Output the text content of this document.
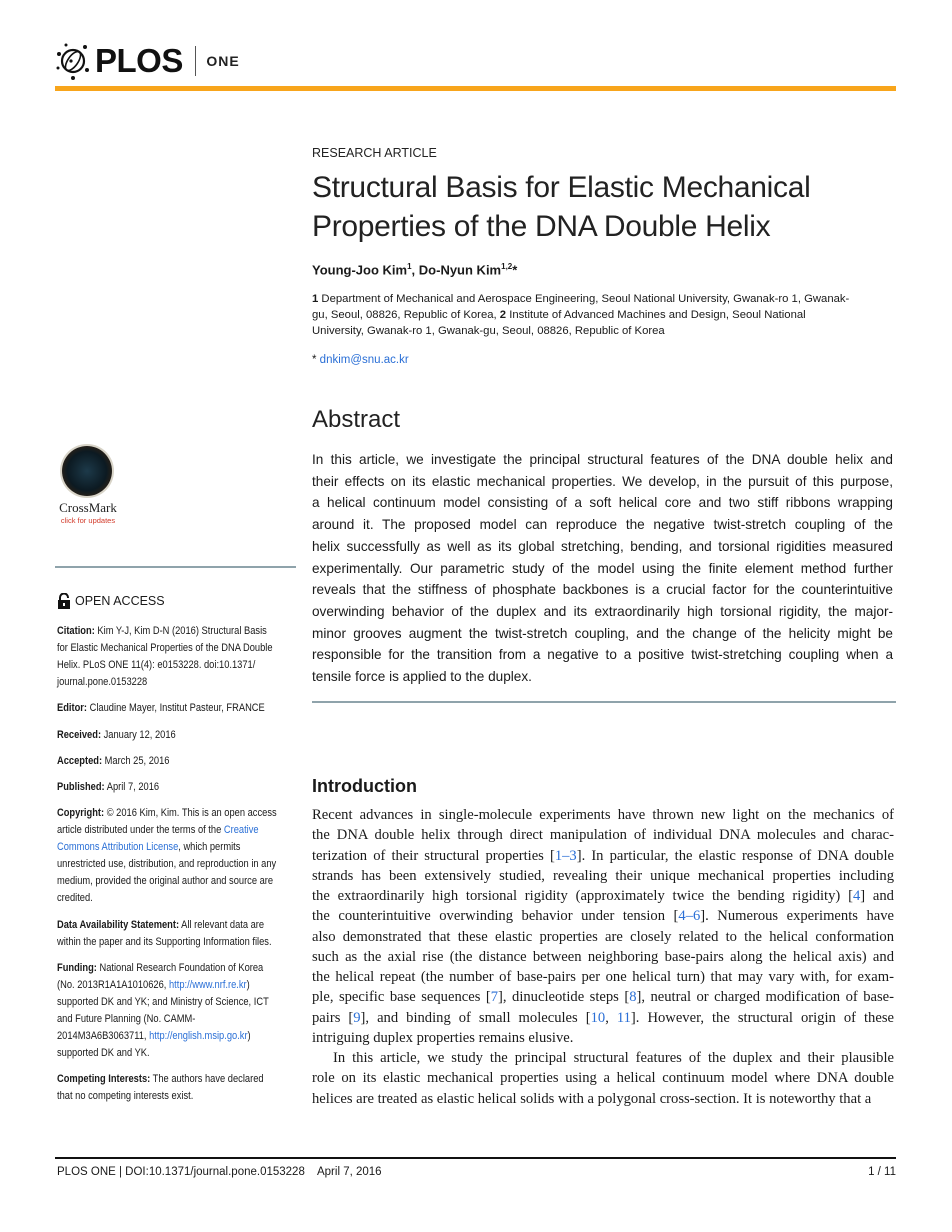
PLOS ONE
RESEARCH ARTICLE
Structural Basis for Elastic Mechanical
Properties of the DNA Double Helix
Young-Joo Kim$^1$, Do-Nyun Kim$^{1,2}$*
1 Department of Mechanical and Aerospace Engineering, Seoul National University, Gwanak-ro 1, Gwanak-
gu, Seoul, 08826, Republic of Korea, 2 Institute of Advanced Machines and Design, Seoul National
University, Gwanak-ro 1, Gwanak-gu, Seoul, 08826, Republic of Korea
* dnkim@snu.ac.kr
Abstract
In this article, we investigate the principal structural features of the DNA double helix and
their effects on its elastic mechanical properties. We develop, in the pursuit of this purpose,
a helical continuum model consisting of a soft helical core and two stiff ribbons wrapping
around it. The proposed model can reproduce the negative twist-stretch coupling of the
helix successfully as well as its global stretching, bending, and torsional rigidities measured
experimentally. Our parametric study of the model using the finite element method further
reveals that the stiffness of phosphate backbones is a crucial factor for the counterintuitive
overwinding behavior of the duplex and its extraordinarily high torsional rigidity, the major-
minor grooves augment the twist-stretch coupling, and the change of the helicity might be
responsible for the transition from a negative to a positive twist-stretching coupling when a
tensile force is applied to the duplex.
Introduction
Recent advances in single-molecule experiments have thrown new light on the mechanics of
the DNA double helix through direct manipulation of individual DNA molecules and charac-
terization of their structural properties [1–3]. In particular, the elastic response of DNA double
strands has been extensively studied, revealing their unique mechanical properties including
the extraordinarily high torsional rigidity (approximately twice the bending rigidity) [4] and
the counterintuitive overwinding behavior under tension [4–6]. Numerous experiments have
also demonstrated that these elastic properties are closely related to the helical conformation
such as the axial rise (the distance between neighboring base-pairs along the helical axis) and
the helical repeat (the number of base-pairs per one helical turn) that may vary with, for exam-
ple, specific base sequences [7], dinucleotide steps [8], neutral or charged modification of base-
pairs [9], and binding of small molecules [10, 11]. However, the structural origin of these
intriguing duplex properties remains elusive.
In this article, we study the principal structural features of the duplex and their plausible
role on its elastic mechanical properties using a helical continuum model where DNA double
helices are treated as elastic helical solids with a polygonal cross-section. It is noteworthy that a
CrossMark
click for updates
OPEN ACCESS
Citation: Kim Y-J, Kim D-N (2016) Structural Basis
for Elastic Mechanical Properties of the DNA Double
Helix. PLoS ONE 11(4): e0153228. doi:10.1371/
journal.pone.0153228
Editor: Claudine Mayer, Institut Pasteur, FRANCE
Received: January 12, 2016
Accepted: March 25, 2016
Published: April 7, 2016
Copyright: © 2016 Kim, Kim. This is an open access
article distributed under the terms of the Creative
Commons Attribution License, which permits
unrestricted use, distribution, and reproduction in any
medium, provided the original author and source are
credited.
Data Availability Statement: All relevant data are
within the paper and its Supporting Information files.
Funding: National Research Foundation of Korea
(No. 2013R1A1A1010626, http://www.nrf.re.kr)
supported DK and YK; and Ministry of Science, ICT
and Future Planning (No. CAMM-
2014M3A6B3063711, http://english.msip.go.kr)
supported DK and YK.
Competing Interests: The authors have declared
that no competing interests exist.
PLOS ONE | DOI:10.1371/journal.pone.0153228    April 7, 2016	1 / 11
